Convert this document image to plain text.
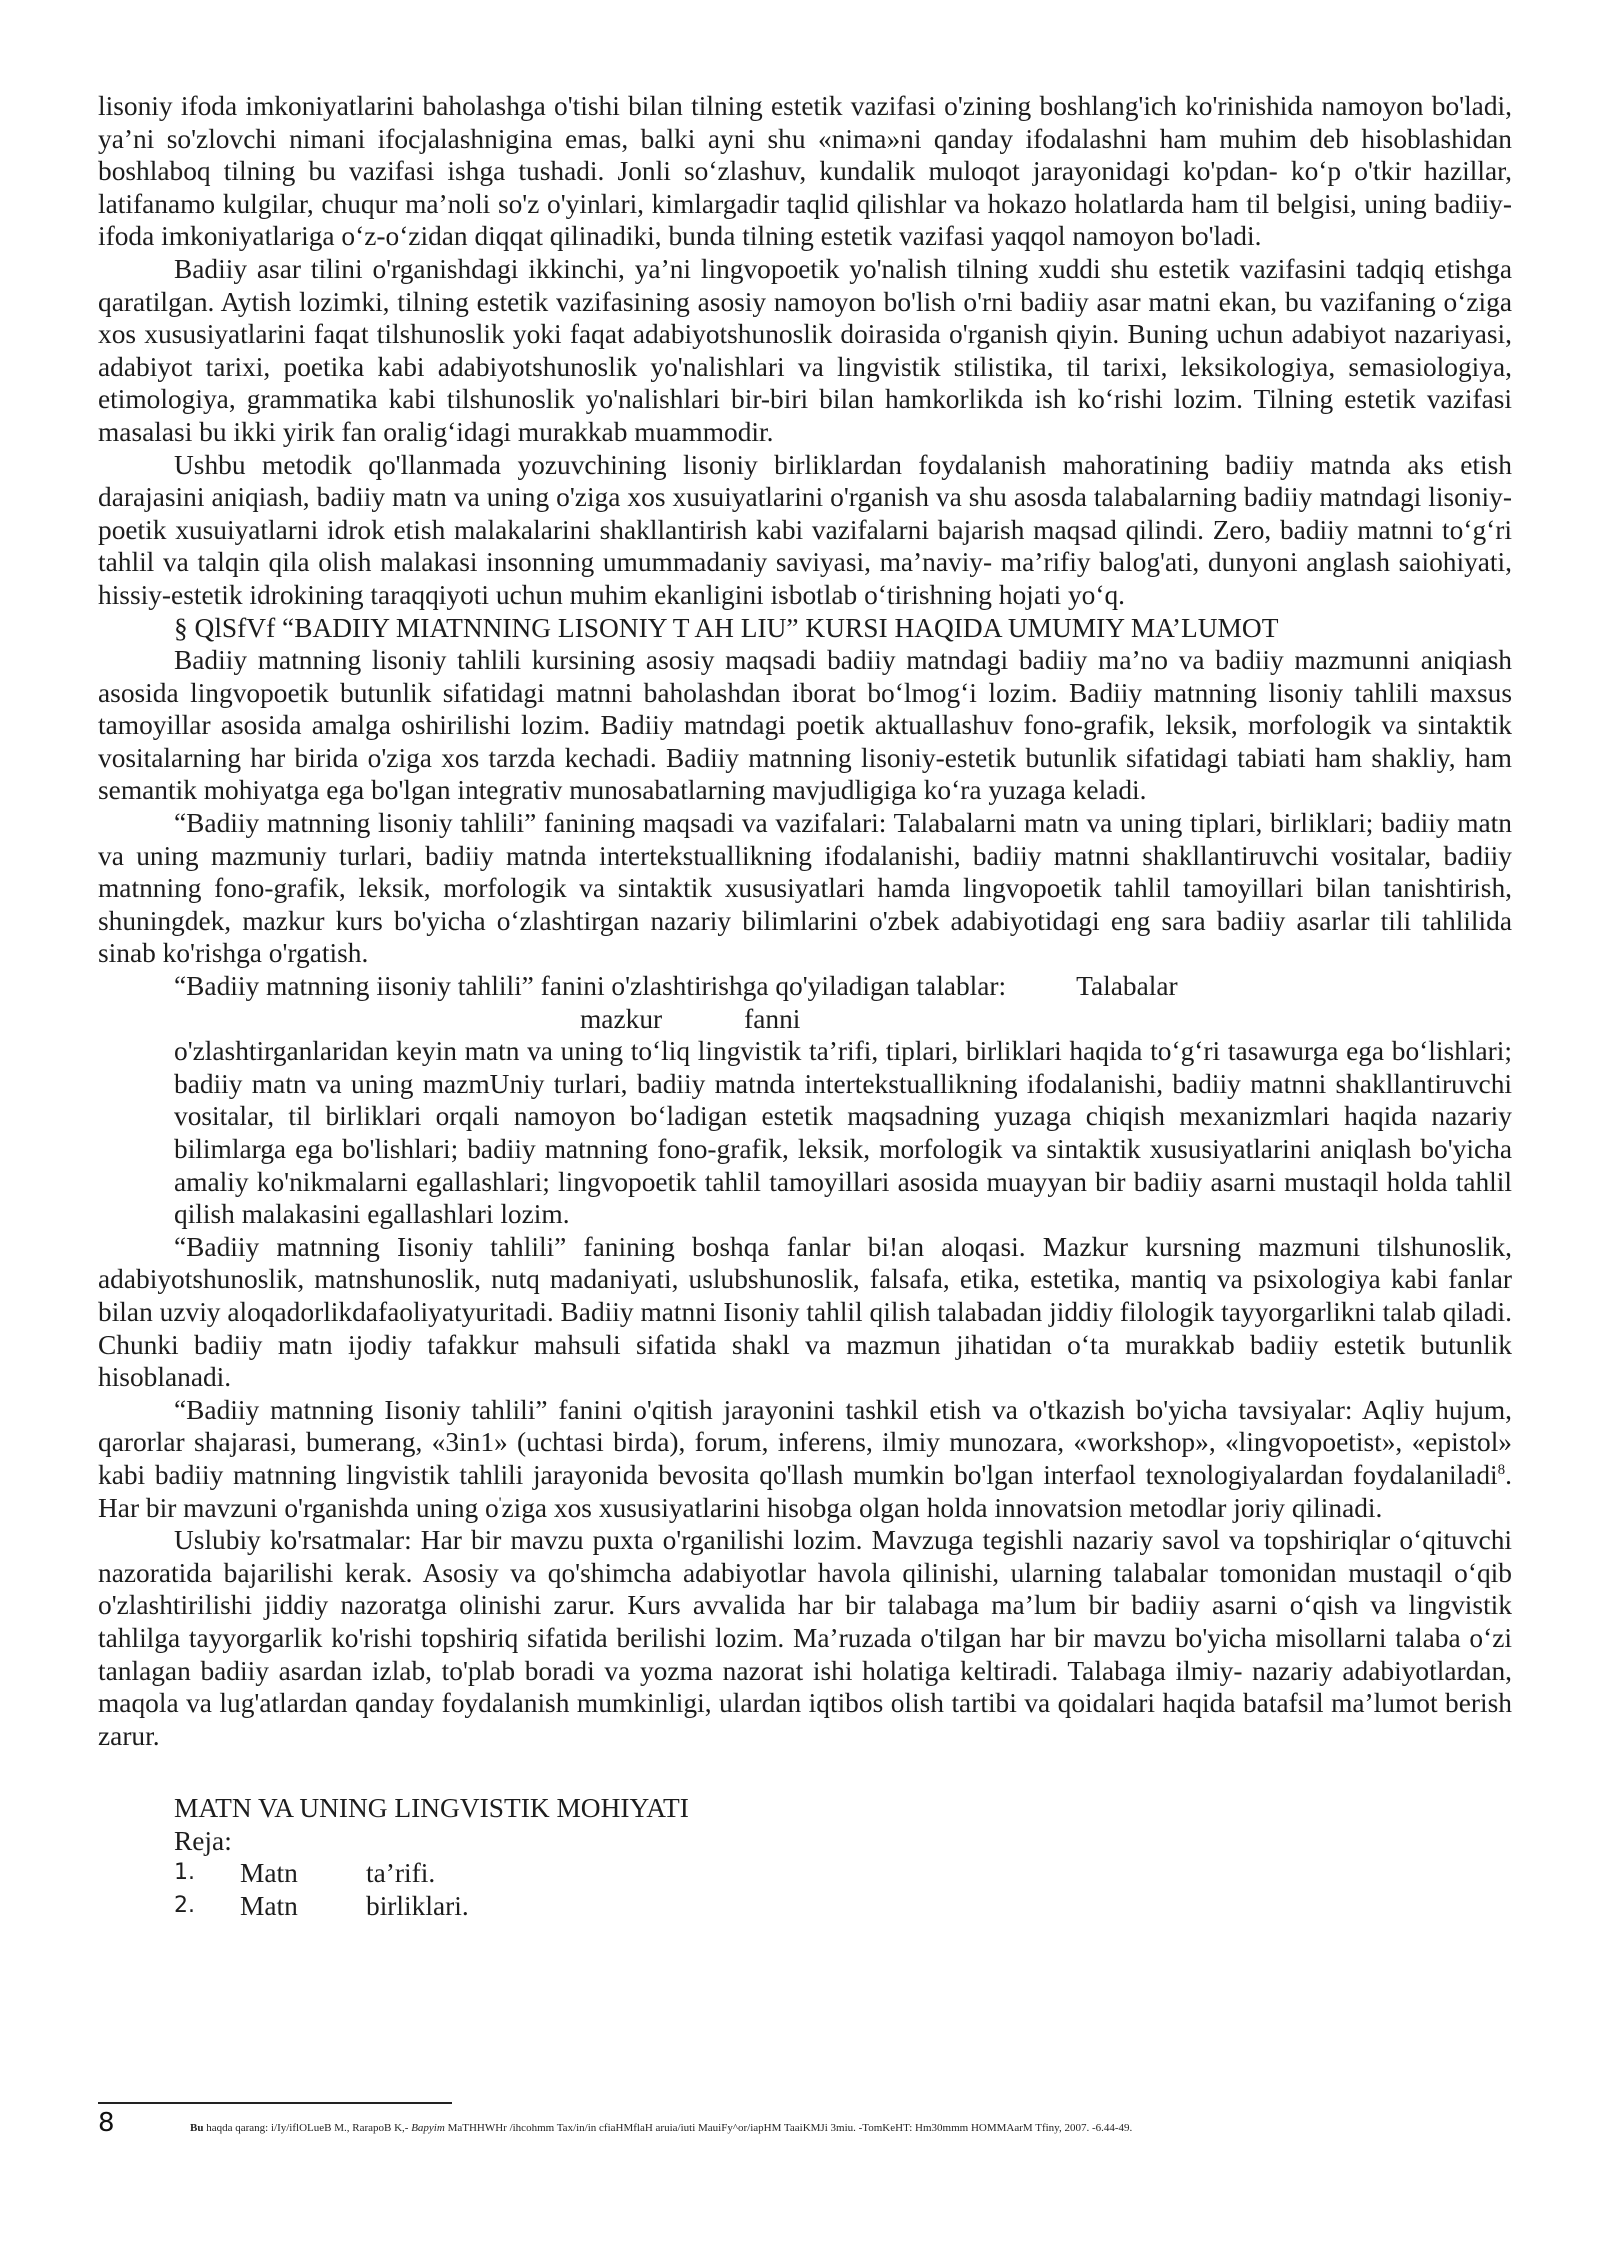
lisoniy ifoda imkoniyatlarini baholashga o'tishi bilan tilning estetik vazifasi o'zining boshlang'ich ko'rinishida namoyon bo'ladi, ya’ni so'zlovchi nimani ifocjalashnigina emas, balki ayni shu «nima»ni qanday ifodalashni ham muhim deb hisoblashidan boshlaboq tilning bu vazifasi ishga tushadi. Jonli so‘zlashuv, kundalik muloqot jarayonidagi ko'pdan- ko‘p o'tkir hazillar, latifanamo kulgilar, chuqur ma’noli so'z o'yinlari, kimlargadir taqlid qilishlar va hokazo holatlarda ham til belgisi, uning badiiy-ifoda imkoniyatlariga o‘z-o‘zidan diqqat qilinadiki, bunda tilning estetik vazifasi yaqqol namoyon bo'ladi.

Badiiy asar tilini o'rganishdagi ikkinchi, ya’ni lingvopoetik yo'nalish tilning xuddi shu estetik vazifasini tadqiq etishga qaratilgan. Aytish lozimki, tilning estetik vazifasining asosiy namoyon bo'lish o'rni badiiy asar matni ekan, bu vazifaning o‘ziga xos xususiyatlarini faqat tilshunoslik yoki faqat adabiyotshunoslik doirasida o'rganish qiyin. Buning uchun adabiyot nazariyasi, adabiyot tarixi, poetika kabi adabiyotshunoslik yo'nalishlari va lingvistik stilistika, til tarixi, leksikologiya, semasiologiya, etimologiya, grammatika kabi tilshunoslik yo'nalishlari bir-biri bilan hamkorlikda ish ko‘rishi lozim. Tilning estetik vazifasi masalasi bu ikki yirik fan oralig‘idagi murakkab muammodir.

Ushbu metodik qo'llanmada yozuvchining lisoniy birliklardan foydalanish mahoratining badiiy matnda aks etish darajasini aniqiash, badiiy matn va uning o'ziga xos xusuiyatlarini o'rganish va shu asosda talabalarning badiiy matndagi lisoniy-poetik xusuiyatlarni idrok etish malakalarini shakllantirish kabi vazifalarni bajarish maqsad qilindi. Zero, badiiy matnni to‘g‘ri tahlil va talqin qila olish malakasi insonning umummadaniy saviyasi, ma’naviy- ma’rifiy balog'ati, dunyoni anglash saiohiyati, hissiy-estetik idrokining taraqqiyoti uchun muhim ekanligini isbotlab o‘tirishning hojati yo‘q.

§ QlSfVf “BADIIY MIATNNING LISONIY T AH LIU” KURSI HAQIDA UMUMIY MA’LUMOT

Badiiy matnning lisoniy tahlili kursining asosiy maqsadi badiiy matndagi badiiy ma’no va badiiy mazmunni aniqiash asosida lingvopoetik butunlik sifatidagi matnni baholashdan iborat bo‘lmog‘i lozim. Badiiy matnning lisoniy tahlili maxsus tamoyillar asosida amalga oshirilishi lozim. Badiiy matndagi poetik aktuallashuv fono-grafik, leksik, morfologik va sintaktik vositalarning har birida o'ziga xos tarzda kechadi. Badiiy matnning lisoniy-estetik butunlik sifatidagi tabiati ham shakliy, ham semantik mohiyatga ega bo'lgan integrativ munosabatlarning mavjudligiga ko‘ra yuzaga keladi.

“Badiiy matnning lisoniy tahlili” fanining maqsadi va vazifalari: Talabalarni matn va uning tiplari, birliklari; badiiy matn va uning mazmuniy turlari, badiiy matnda intertekstuallikning ifodalanishi, badiiy matnni shakllantiruvchi vositalar, badiiy matnning fono-grafik, leksik, morfologik va sintaktik xususiyatlari hamda lingvopoetik tahlil tamoyillari bilan tanishtirish, shuningdek, mazkur kurs bo'yicha o‘zlashtirgan nazariy bilimlarini o'zbek adabiyotidagi eng sara badiiy asarlar tili tahlilida sinab ko'rishga o'rgatish.

“Badiiy matnning iisoniy tahlili” fanini o'zlashtirishga qo'yiladigan talablar:	Talabalar
mazkur	fanni

o'zlashtirganlaridan keyin matn va uning to‘liq lingvistik ta’rifi, tiplari, birliklari haqida to‘g‘ri tasawurga ega bo‘lishlari; badiiy matn va uning mazmUniy turlari, badiiy matnda intertekstuallikning ifodalanishi, badiiy matnni shakllantiruvchi vositalar, til birliklari orqali namoyon bo‘ladigan estetik maqsadning yuzaga chiqish mexanizmlari haqida nazariy bilimlarga ega bo'lishlari; badiiy matnning fono-grafik, leksik, morfologik va sintaktik xususiyatlarini aniqlash bo'yicha amaliy ko'nikmalarni egallashlari; lingvopoetik tahlil tamoyillari asosida muayyan bir badiiy asarni mustaqil holda tahlil qilish malakasini egallashlari lozim.

“Badiiy matnning Iisoniy tahlili” fanining boshqa fanlar bi!an aloqasi. Mazkur kursning mazmuni tilshunoslik, adabiyotshunoslik, matnshunoslik, nutq madaniyati, uslubshunoslik, falsafa, etika, estetika, mantiq va psixologiya kabi fanlar bilan uzviy aloqadorlikdafaoliyatyuritadi. Badiiy matnni Iisoniy tahlil qilish talabadan jiddiy filologik tayyorgarlikni talab qiladi. Chunki badiiy matn ijodiy tafakkur mahsuli sifatida shakl va mazmun jihatidan o‘ta murakkab badiiy estetik butunlik hisoblanadi.

“Badiiy matnning Iisoniy tahlili” fanini o'qitish jarayonini tashkil etish va o'tkazish bo'yicha tavsiyalar: Aqliy hujum, qarorlar shajarasi, bumerang, «3in1» (uchtasi birda), forum, inferens, ilmiy munozara, «workshop», «lingvopoetist», «epistol» kabi badiiy matnning lingvistik tahlili jarayonida bevosita qo'llash mumkin bo'lgan interfaol texnologiyalardan foydalaniladi$^8$. Har bir mavzuni o'rganishda uning o'ziga xos xususiyatlarini hisobga olgan holda innovatsion metodlar joriy qilinadi.

Uslubiy ko'rsatmalar: Har bir mavzu puxta o'rganilishi lozim. Mavzuga tegishli nazariy savol va topshiriqlar o‘qituvchi nazoratida bajarilishi kerak. Asosiy va qo'shimcha adabiyotlar havola qilinishi, ularning talabalar tomonidan mustaqil o‘qib o'zlashtirilishi jiddiy nazoratga olinishi zarur. Kurs avvalida har bir talabaga ma’lum bir badiiy asarni o‘qish va lingvistik tahlilga tayyorgarlik ko'rishi topshiriq sifatida berilishi lozim. Ma’ruzada o'tilgan har bir mavzu bo'yicha misollarni talaba o‘zi tanlagan badiiy asardan izlab, to'plab boradi va yozma nazorat ishi holatiga keltiradi. Talabaga ilmiy- nazariy adabiyotlardan, maqola va lug'atlardan qanday foydalanish mumkinligi, ulardan iqtibos olish tartibi va qoidalari haqida batafsil ma’lumot berish zarur.

MATN VA UNING LINGVISTIK MOHIYATI

Reja:

1.	Matn	ta’rifi.
2.	Matn	birliklari.
8	Bu haqda qarang: i/Iy/iflOLueB M., RarapoB K,- Bapyim MaTHHWHr /ihcohmm Tax/in/in cfiaHMflaH aruia/iuti MauiFy^or/iapHM TaaiKMJi 3miu. -TomKeHT: Hm30mmm HOMMAarM Tfiny, 2007. -6.44-49.
